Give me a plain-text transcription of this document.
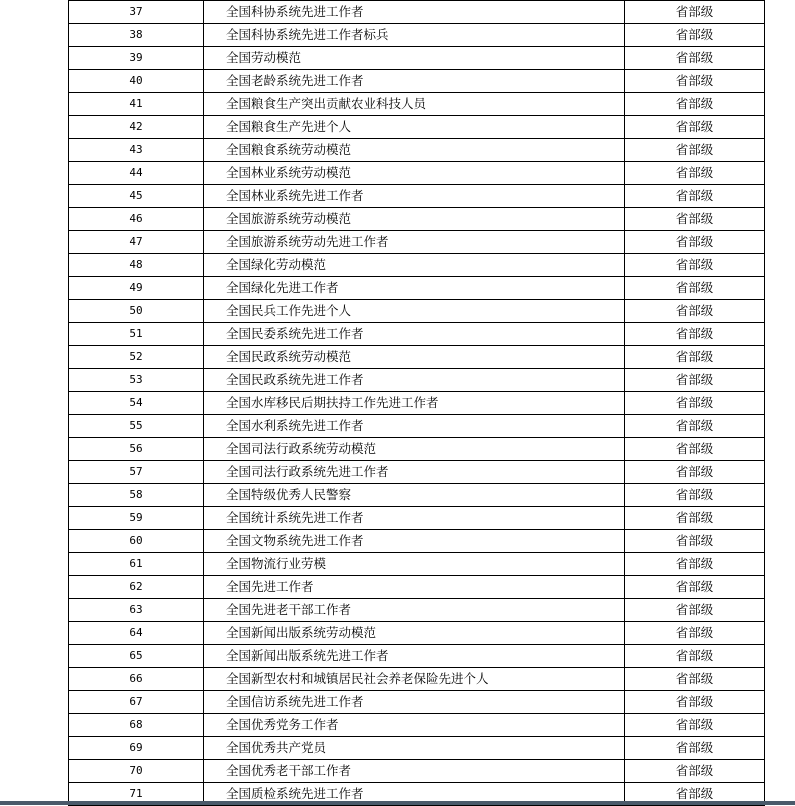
37	全国科协系统先进工作者	省部级
38	全国科协系统先进工作者标兵	省部级
39	全国劳动模范	省部级
40	全国老龄系统先进工作者	省部级
41	全国粮食生产突出贡献农业科技人员	省部级
42	全国粮食生产先进个人	省部级
43	全国粮食系统劳动模范	省部级
44	全国林业系统劳动模范	省部级
45	全国林业系统先进工作者	省部级
46	全国旅游系统劳动模范	省部级
47	全国旅游系统劳动先进工作者	省部级
48	全国绿化劳动模范	省部级
49	全国绿化先进工作者	省部级
50	全国民兵工作先进个人	省部级
51	全国民委系统先进工作者	省部级
52	全国民政系统劳动模范	省部级
53	全国民政系统先进工作者	省部级
54	全国水库移民后期扶持工作先进工作者	省部级
55	全国水利系统先进工作者	省部级
56	全国司法行政系统劳动模范	省部级
57	全国司法行政系统先进工作者	省部级
58	全国特级优秀人民警察	省部级
59	全国统计系统先进工作者	省部级
60	全国文物系统先进工作者	省部级
61	全国物流行业劳模	省部级
62	全国先进工作者	省部级
63	全国先进老干部工作者	省部级
64	全国新闻出版系统劳动模范	省部级
65	全国新闻出版系统先进工作者	省部级
66	全国新型农村和城镇居民社会养老保险先进个人	省部级
67	全国信访系统先进工作者	省部级
68	全国优秀党务工作者	省部级
69	全国优秀共产党员	省部级
70	全国优秀老干部工作者	省部级
71	全国质检系统先进工作者	省部级
